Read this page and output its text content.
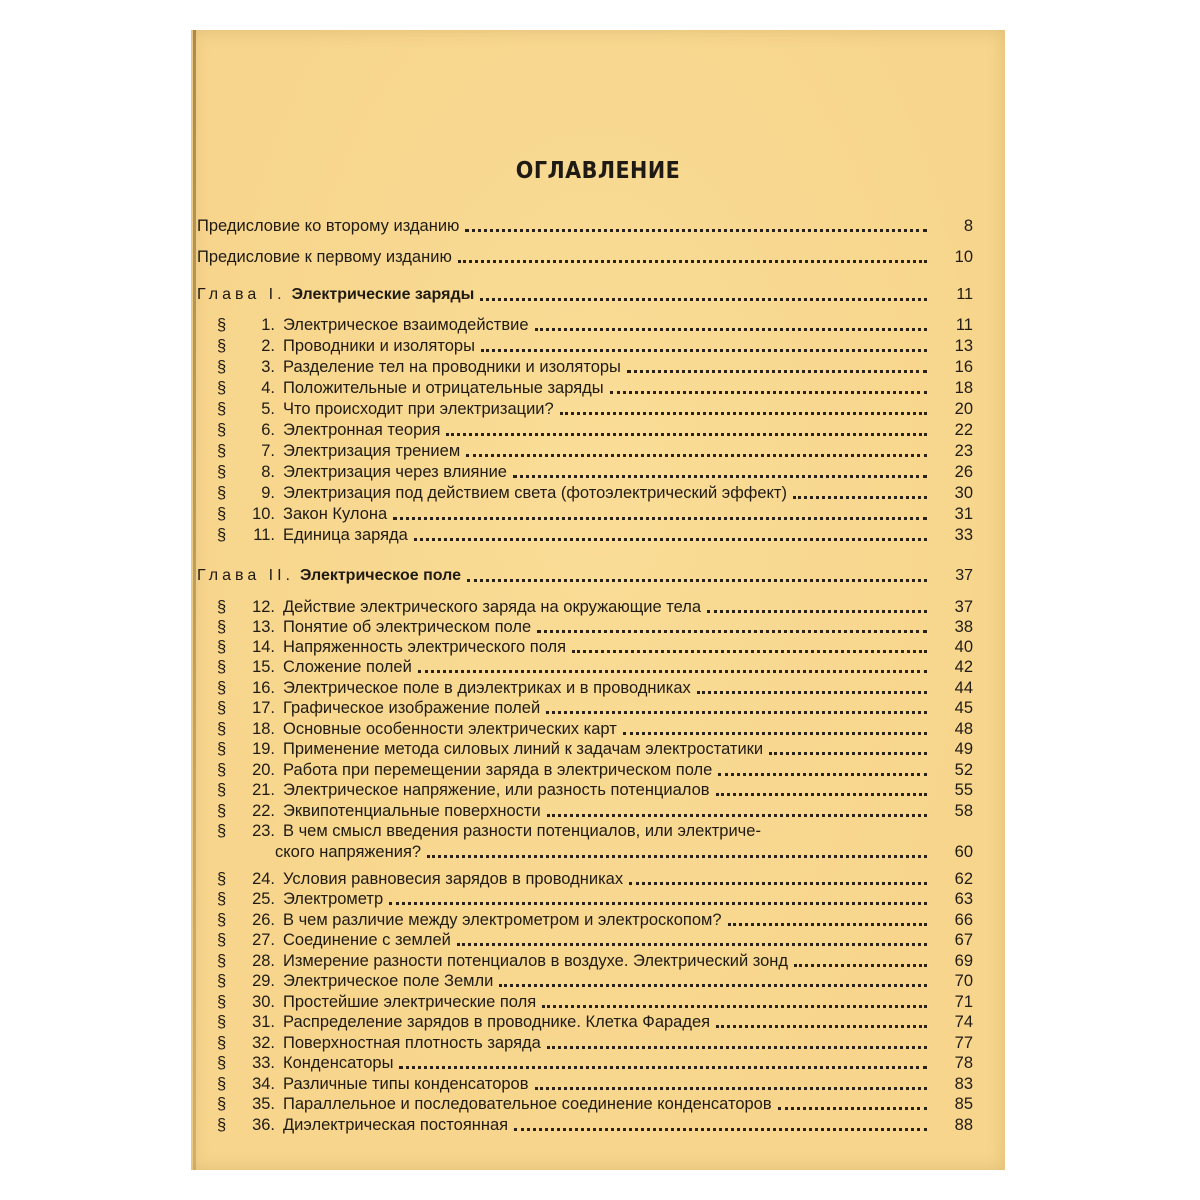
ОГЛАВЛЕНИЕ
Предисловие ко второму изданию	8
Предисловие к первому изданию	10
Глава I. Электрические заряды	11
§	1. Электрическое взаимодействие	11
§	2. Проводники и изоляторы	13
§	3. Разделение тел на проводники и изоляторы	16
§	4. Положительные и отрицательные заряды	18
§	5. Что происходит при электризации?	20
§	6. Электронная теория	22
§	7. Электризация трением	23
§	8. Электризация через влияние	26
§	9. Электризация под действием света (фотоэлектрический эффект)	30
§	10. Закон Кулона	31
§	11. Единица заряда	33
Глава II. Электрическое поле	37
§	12. Действие электрического заряда на окружающие тела	37
§	13. Понятие об электрическом поле	38
§	14. Напряженность электрического поля	40
§	15. Сложение полей	42
§	16. Электрическое поле в диэлектриках и в проводниках	44
§	17. Графическое изображение полей	45
§	18. Основные особенности электрических карт	48
§	19. Применение метода силовых линий к задачам электростатики	49
§	20. Работа при перемещении заряда в электрическом поле	52
§	21. Электрическое напряжение, или разность потенциалов	55
§	22. Эквипотенциальные поверхности	58
§	23. В чем смысл введения разности потенциалов, или электриче-
ского напряжения?	60
§	24. Условия равновесия зарядов в проводниках	62
§	25. Электрометр	63
§	26. В чем различие между электрометром и электроскопом?	66
§	27. Соединение с землей	67
§	28. Измерение разности потенциалов в воздухе. Электрический зонд	69
§	29. Электрическое поле Земли	70
§	30. Простейшие электрические поля	71
§	31. Распределение зарядов в проводнике. Клетка Фарадея	74
§	32. Поверхностная плотность заряда	77
§	33. Конденсаторы	78
§	34. Различные типы конденсаторов	83
§	35. Параллельное и последовательное соединение конденсаторов	85
§	36. Диэлектрическая постоянная	88
